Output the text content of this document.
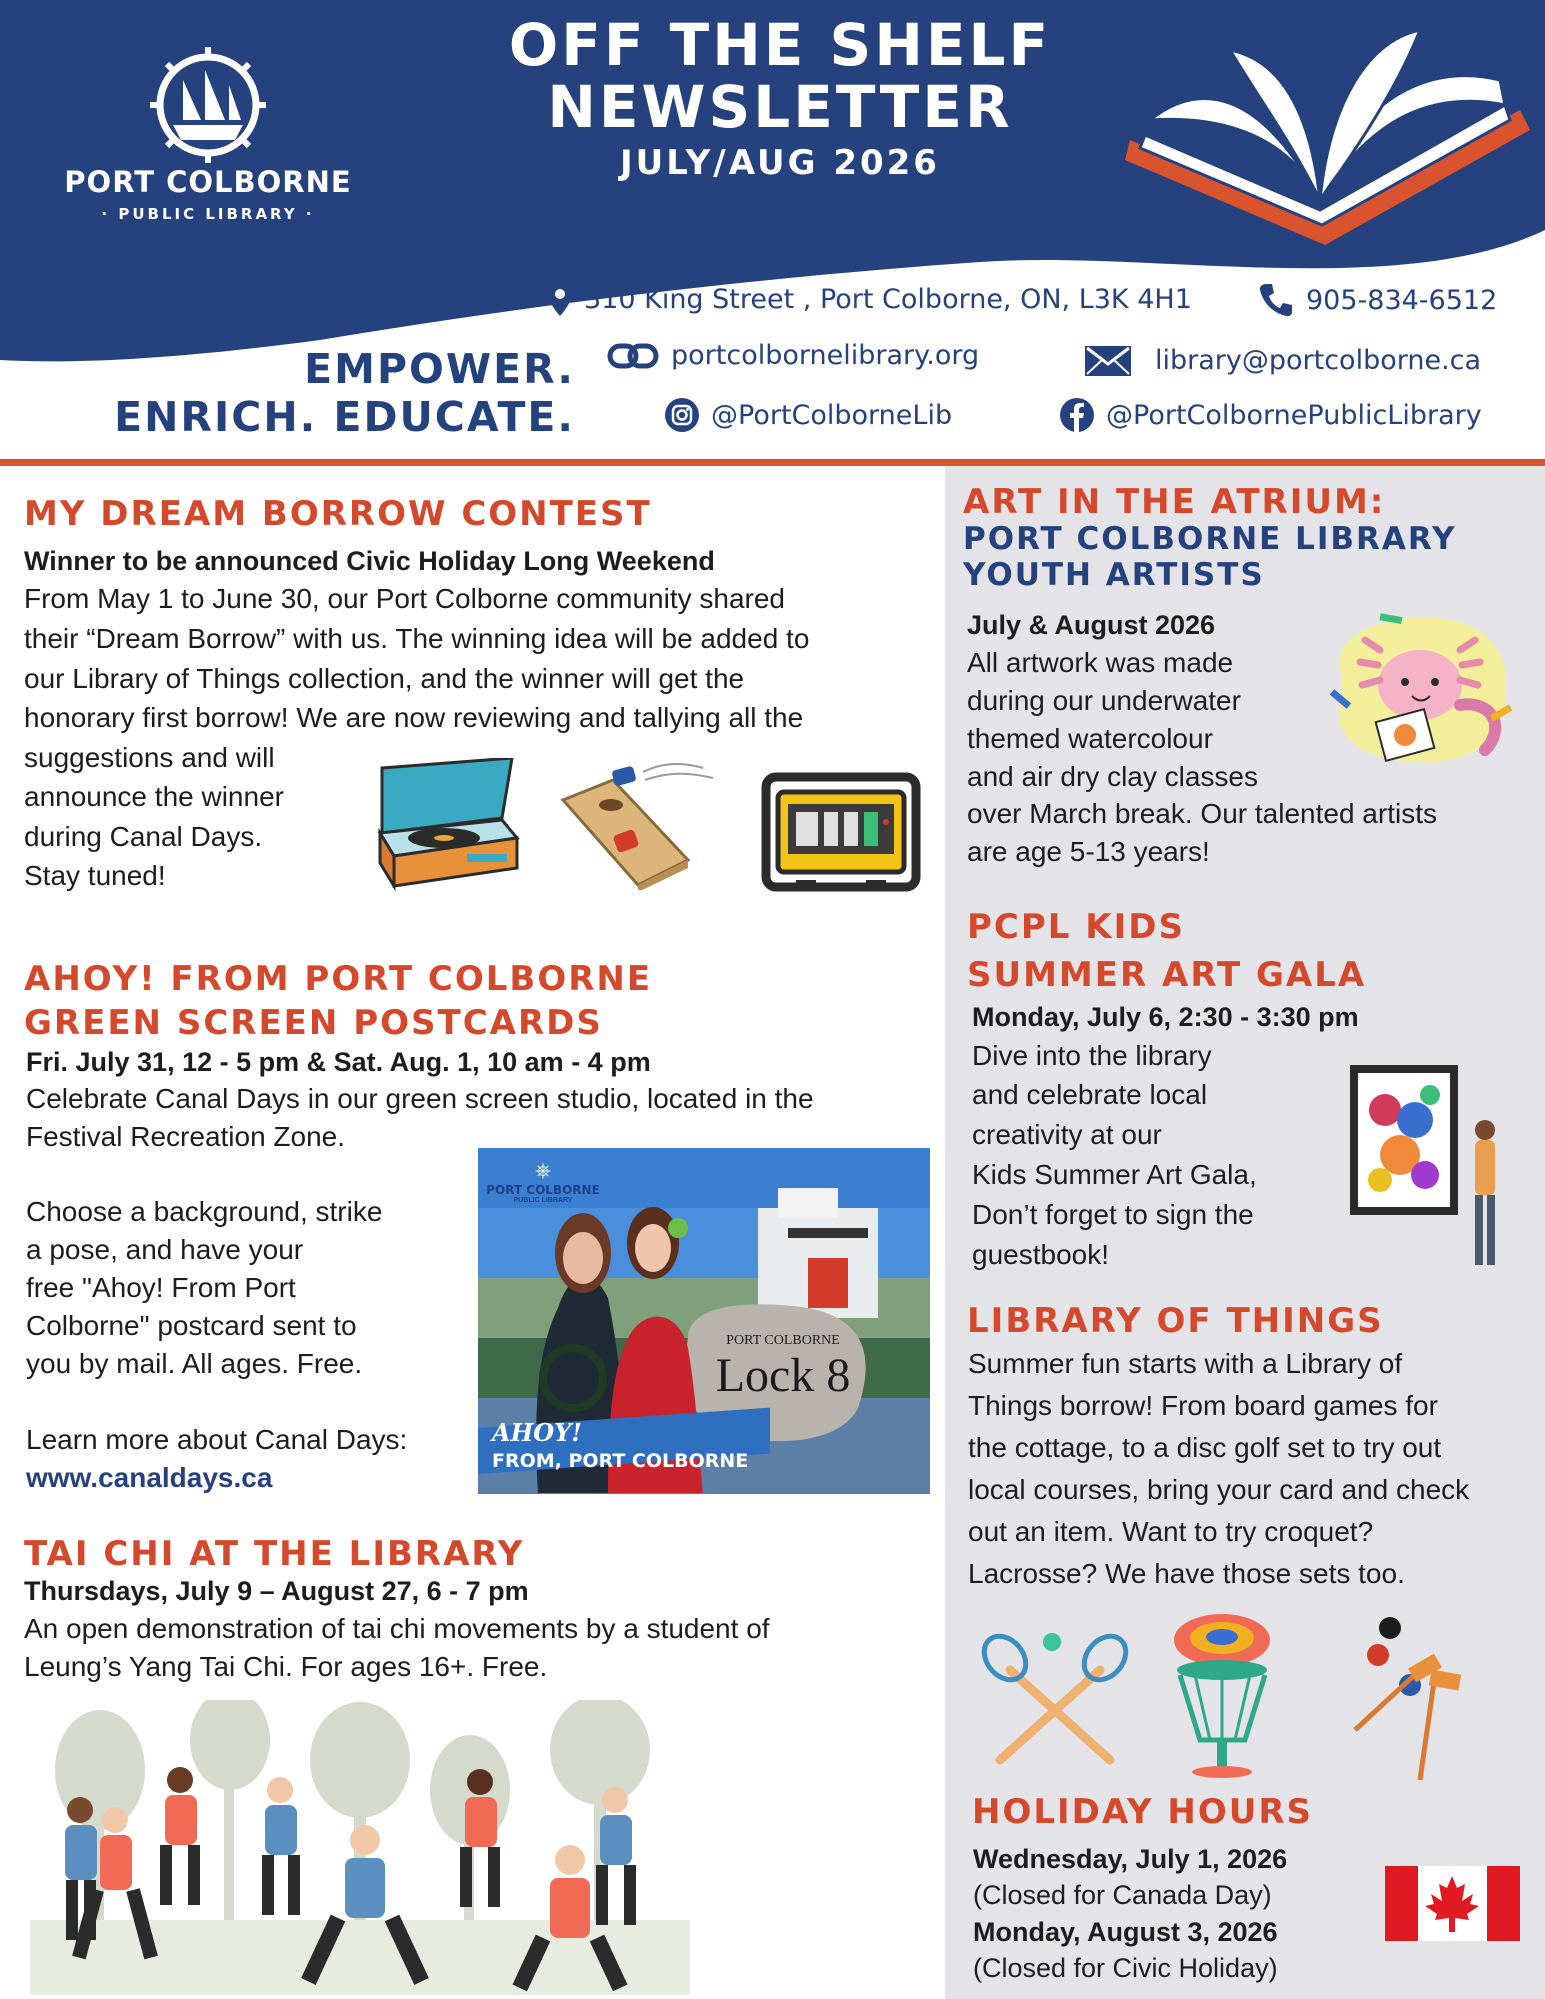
PORT COLBORNE
· PUBLIC LIBRARY ·
OFF THE SHELF
NEWSLETTER
JULY/AUG 2026
310 King Street , Port Colborne, ON, L3K 4H1	905-834-6512
portcolbornelibrary.org	library@portcolborne.ca
@PortColborneLib	@PortColbornePublicLibrary
EMPOWER.
ENRICH. EDUCATE.
MY DREAM BORROW CONTEST
Winner to be announced Civic Holiday Long Weekend
From May 1 to June 30, our Port Colborne community shared
their “Dream Borrow” with us. The winning idea will be added to
our Library of Things collection, and the winner will get the
honorary first borrow! We are now reviewing and tallying all the
suggestions and will
announce the winner
during Canal Days.
Stay tuned!
AHOY! FROM PORT COLBORNE
GREEN SCREEN POSTCARDS
Fri. July 31, 12 - 5 pm & Sat. Aug. 1, 10 am - 4 pm
Celebrate Canal Days in our green screen studio, located in the
Festival Recreation Zone.
Choose a background, strike
a pose, and have your
free "Ahoy! From Port
Colborne" postcard sent to
you by mail. All ages. Free.
Learn more about Canal Days:
www.canaldays.ca
⎈
PORT COLBORNE
PUBLIC LIBRARY
PORT COLBORNE
Lock 8
AHOY!
FROM, PORT COLBORNE
TAI CHI AT THE LIBRARY
Thursdays, July 9 – August 27, 6 - 7 pm
An open demonstration of tai chi movements by a student of
Leung’s Yang Tai Chi. For ages 16+. Free.
ART IN THE ATRIUM:
PORT COLBORNE LIBRARY
YOUTH ARTISTS
July & August 2026
All artwork was made
during our underwater
themed watercolour
and air dry clay classes
over March break. Our talented artists
are age 5-13 years!
PCPL KIDS
SUMMER ART GALA
Monday, July 6, 2:30 - 3:30 pm
Dive into the library
and celebrate local
creativity at our
Kids Summer Art Gala,
Don’t forget to sign the
guestbook!
LIBRARY OF THINGS
Summer fun starts with a Library of
Things borrow! From board games for
the cottage, to a disc golf set to try out
local courses, bring your card and check
out an item. Want to try croquet?
Lacrosse? We have those sets too.
HOLIDAY HOURS
Wednesday, July 1, 2026
(Closed for Canada Day)
Monday, August 3, 2026
(Closed for Civic Holiday)
